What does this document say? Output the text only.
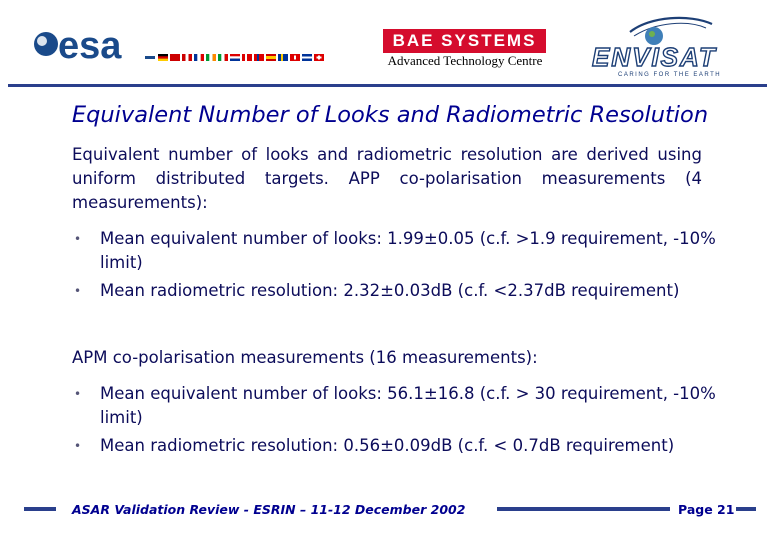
esa	BAE SYSTEMS
Advanced Technology Centre	ENVISAT
CARING FOR THE EARTH
Equivalent Number of Looks and Radiometric Resolution
Equivalent number of looks and radiometric resolution are derived using uniform distributed targets. APP co-polarisation measurements (4 measurements):
• Mean equivalent number of looks: 1.99±0.05 (c.f. >1.9 requirement, -10% limit)
• Mean radiometric resolution: 2.32±0.03dB (c.f. <2.37dB requirement)
APM co-polarisation measurements (16 measurements):
• Mean equivalent number of looks: 56.1±16.8 (c.f. > 30 requirement, -10% limit)
• Mean radiometric resolution: 0.56±0.09dB (c.f. < 0.7dB requirement)
ASAR Validation Review - ESRIN – 11-12 December 2002	Page 21
